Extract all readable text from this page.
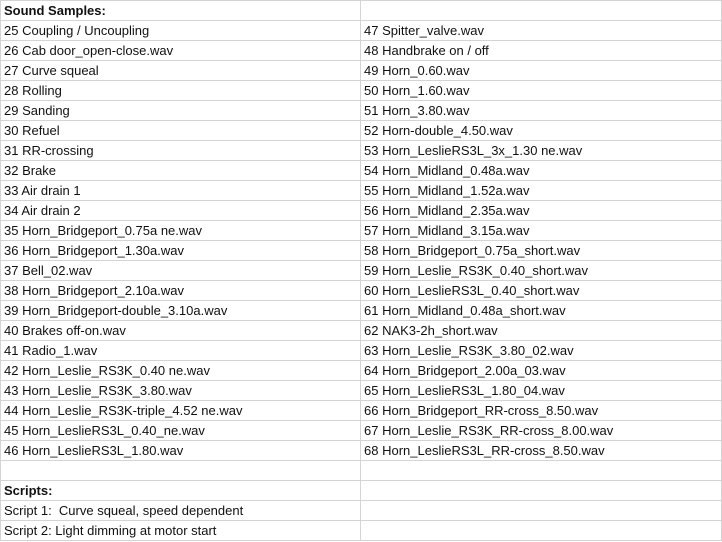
Sound Samples:
25 Coupling / Uncoupling	47 Spitter_valve.wav
26 Cab door_open-close.wav	48 Handbrake on / off
27 Curve squeal	49 Horn_0.60.wav
28 Rolling	50 Horn_1.60.wav
29 Sanding	51 Horn_3.80.wav
30 Refuel	52 Horn-double_4.50.wav
31 RR-crossing	53 Horn_LeslieRS3L_3x_1.30 ne.wav
32 Brake	54 Horn_Midland_0.48a.wav
33 Air drain 1	55 Horn_Midland_1.52a.wav
34 Air drain 2	56 Horn_Midland_2.35a.wav
35 Horn_Bridgeport_0.75a ne.wav	57 Horn_Midland_3.15a.wav
36 Horn_Bridgeport_1.30a.wav	58 Horn_Bridgeport_0.75a_short.wav
37 Bell_02.wav	59 Horn_Leslie_RS3K_0.40_short.wav
38 Horn_Bridgeport_2.10a.wav	60 Horn_LeslieRS3L_0.40_short.wav
39 Horn_Bridgeport-double_3.10a.wav	61 Horn_Midland_0.48a_short.wav
40 Brakes off-on.wav	62 NAK3-2h_short.wav
41 Radio_1.wav	63 Horn_Leslie_RS3K_3.80_02.wav
42 Horn_Leslie_RS3K_0.40 ne.wav	64 Horn_Bridgeport_2.00a_03.wav
43 Horn_Leslie_RS3K_3.80.wav	65 Horn_LeslieRS3L_1.80_04.wav
44 Horn_Leslie_RS3K-triple_4.52 ne.wav	66 Horn_Bridgeport_RR-cross_8.50.wav
45 Horn_LeslieRS3L_0.40_ne.wav	67 Horn_Leslie_RS3K_RR-cross_8.00.wav
46 Horn_LeslieRS3L_1.80.wav	68 Horn_LeslieRS3L_RR-cross_8.50.wav
Scripts:
Script 1:  Curve squeal, speed dependent
Script 2: Light dimming at motor start
